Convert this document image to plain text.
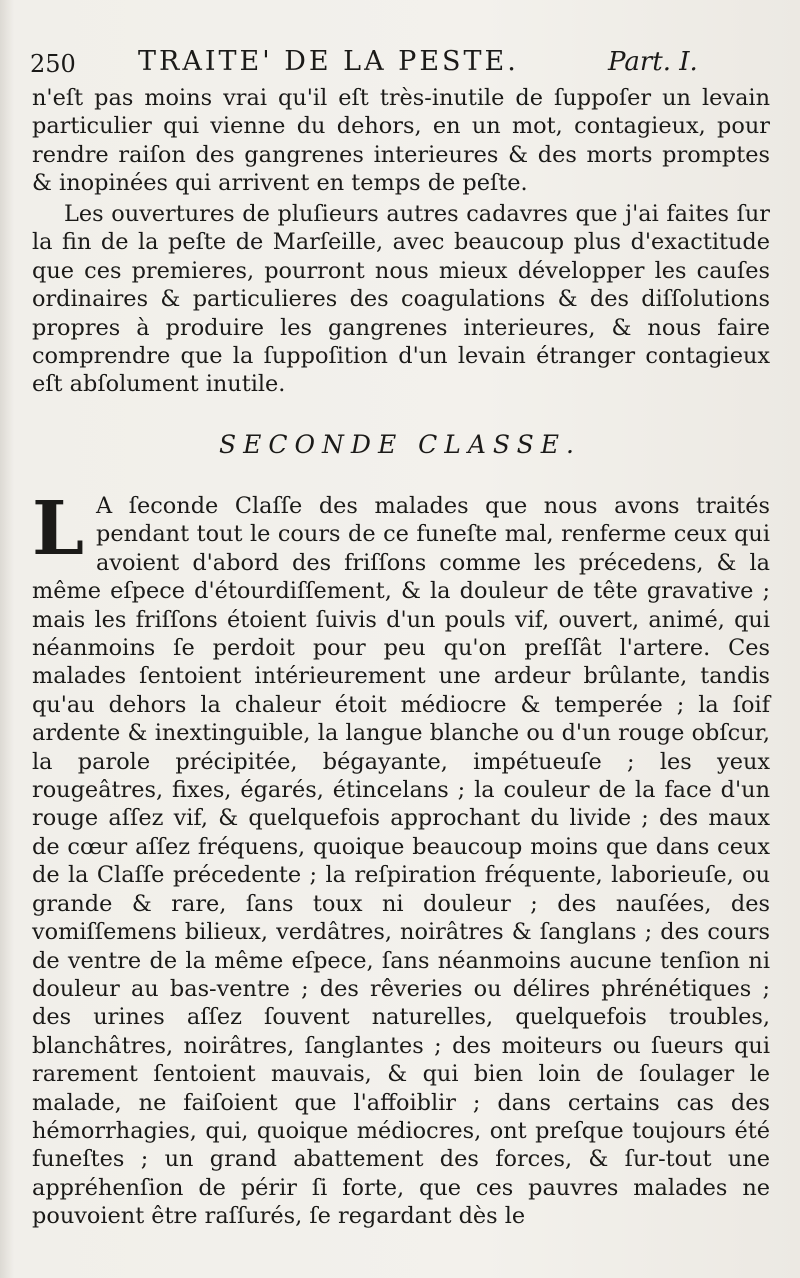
250 TRAITE' DE LA PESTE.	Part. I.
n'eſt pas moins vrai qu'il eſt très-inutile de ſuppoſer un levain particulier qui vienne du dehors, en un mot, contagieux, pour rendre raiſon des gangrenes interieures & des morts promptes & inopinées qui arrivent en temps de peſte.
Les ouvertures de pluſieurs autres cadavres que j'ai faites ſur la fin de la peſte de Marſeille, avec beaucoup plus d'exactitude que ces premieres, pourront nous mieux développer les cauſes ordinaires & particulieres des coagulations & des diſſolutions propres à produire les gangrenes interieures, & nous faire comprendre que la ſuppoſition d'un levain étranger contagieux eſt abſolument inutile.
SECONDE CLASSE.
L A ſeconde Claſſe des malades que nous avons traités pendant tout le cours de ce funeſte mal, renferme ceux qui avoient d'abord des friſſons comme les précedens, & la même eſpece d'étourdiſſement, & la douleur de tête gravative ; mais les friſſons étoient ſuivis d'un pouls vif, ouvert, animé, qui néanmoins ſe perdoit pour peu qu'on preſſât l'artere. Ces malades ſentoient intérieurement une ardeur brûlante, tandis qu'au dehors la chaleur étoit médiocre & temperée ; la ſoif ardente & inextinguible, la langue blanche ou d'un rouge obſcur, la parole précipitée, bégayante, impétueuſe ; les yeux rougeâtres, fixes, égarés, étincelans ; la couleur de la face d'un rouge aſſez vif, & quelquefois approchant du livide ; des maux de cœur aſſez fréquens, quoique beaucoup moins que dans ceux de la Claſſe précedente ; la reſpiration fréquente, laborieuſe, ou grande & rare, ſans toux ni douleur ; des nauſées, des vomiſſemens bilieux, verdâtres, noirâtres & ſanglans ; des cours de ventre de la même eſpece, ſans néanmoins aucune tenſion ni douleur au bas-ventre ; des rêveries ou délires phrénétiques ; des urines aſſez ſouvent naturelles, quelquefois troubles, blanchâtres, noirâtres, ſanglantes ; des moiteurs ou ſueurs qui rarement ſentoient mauvais, & qui bien loin de ſoulager le malade, ne faiſoient que l'affoiblir ; dans certains cas des hémorrhagies, qui, quoique médiocres, ont preſque toujours été funeſtes ; un grand abattement des forces, & ſur-tout une appréhenſion de périr ſi forte, que ces pauvres malades ne pouvoient être raſſurés, ſe regardant dès le
